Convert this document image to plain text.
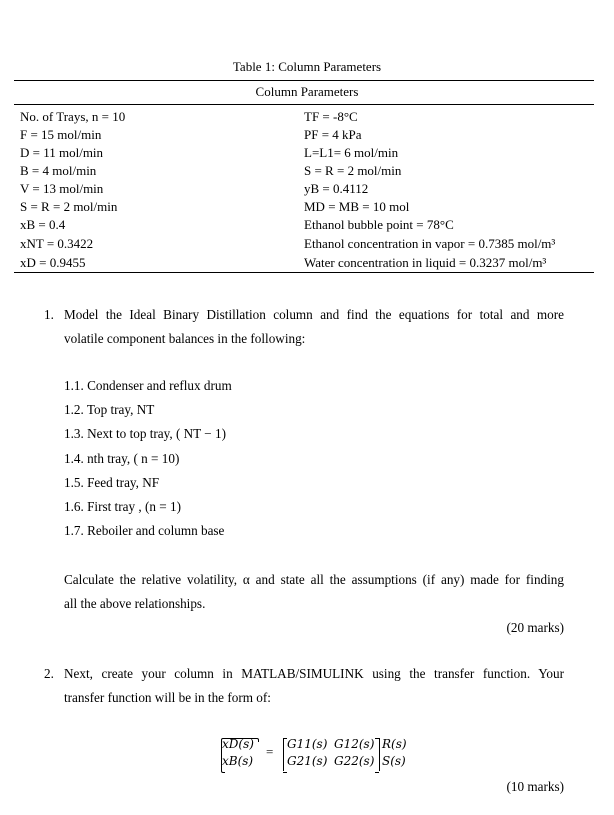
Table 1: Column Parameters
Column Parameters
No. of Trays, n = 10
F = 15 mol/min
D = 11 mol/min
B = 4 mol/min
V = 13 mol/min
S = R = 2 mol/min
xB = 0.4
xNT = 0.3422
xD = 0.9455
TF = -8°C
PF = 4 kPa
L=L1= 6 mol/min
S = R = 2 mol/min
yB = 0.4112
MD = MB = 10 mol
Ethanol bubble point = 78°C
Ethanol concentration in vapor = 0.7385 mol/m³
Water concentration in liquid = 0.3237 mol/m³
1. Model the Ideal Binary Distillation column and find the equations for total and more
volatile component balances in the following:
1.1. Condenser and reflux drum
1.2. Top tray, NT
1.3. Next to top tray, ( NT − 1)
1.4. nth tray, ( n = 10)
1.5. Feed tray, NF
1.6. First tray , (n = 1)
1.7. Reboiler and column base
Calculate the relative volatility, α and state all the assumptions (if any) made for finding
all the above relationships.
(20 marks)
2. Next, create your column in MATLAB/SIMULINK using the transfer function. Your
transfer function will be in the form of:
xD(s)
xB(s)
= G11(s) G12(s)
G21(s) G22(s)
R(s)
S(s)
(10 marks)
